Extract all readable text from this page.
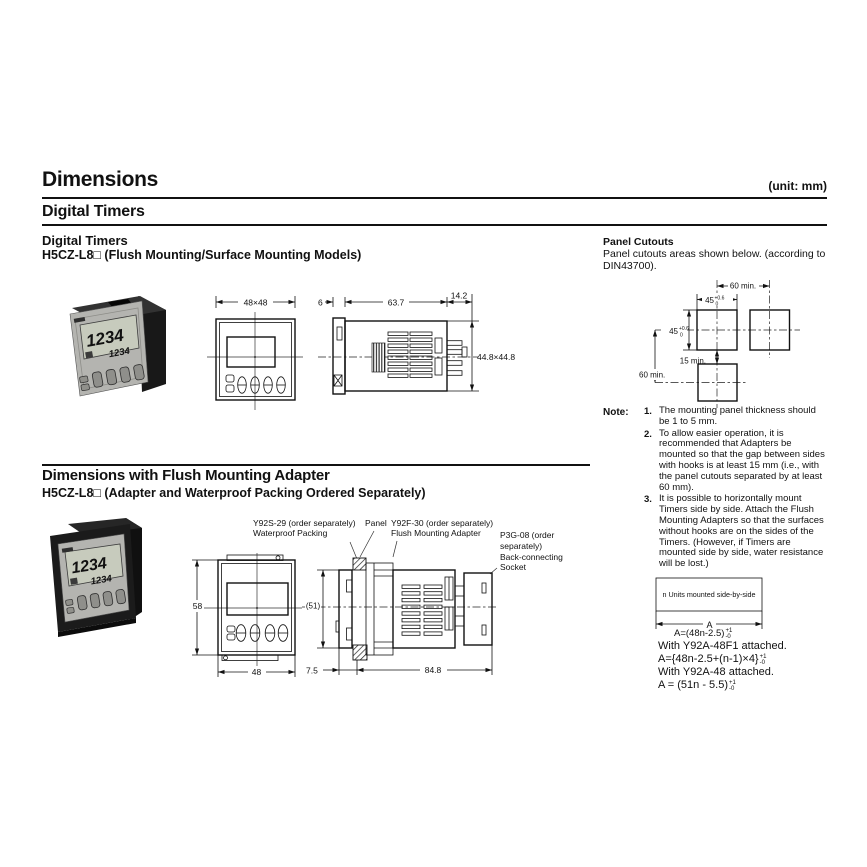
Dimensions	(unit: mm)
Digital Timers
Digital Timers
H5CZ-L8□ (Flush Mounting/Surface Mounting Models)
1234
1234
48×48	6	63.7
14.2
44.8×44.8
Panel Cutouts
Panel cutouts areas shown below. (according to DIN43700).
60 min.
45 +0.6
0
45 +0.6
0
15 min.
60 min.
Note: 1. The mounting panel thickness should be 1 to 5 mm.
2. To allow easier operation, it is recommended that Adapters be mounted so that the gap between sides with hooks is at least 15 mm (i.e., with the panel cutouts separated by at least 60 mm).
3. It is possible to horizontally mount Timers side by side. Attach the Flush Mounting Adapters so that the surfaces without hooks are on the sides of the Timers. (However, if Timers are mounted side by side, water resistance will be lost.)
n Units mounted side-by-side
A
A=(48n-2.5) +1
-0
With Y92A-48F1 attached.
A={48n-2.5+(n-1)×4} +1
-0
With Y92A-48 attached.
A = (51n - 5.5) +1
-0
Dimensions with Flush Mounting Adapter
H5CZ-L8□ (Adapter and Waterproof Packing Ordered Separately)
Y92S-29 (order separately)
Waterproof Packing
Panel Y92F-30 (order separately)
Flush Mounting Adapter	P3G-08 (order
separately)
Back-connecting
Socket
1234
1234
58
48
(51)
7.5	84.8
